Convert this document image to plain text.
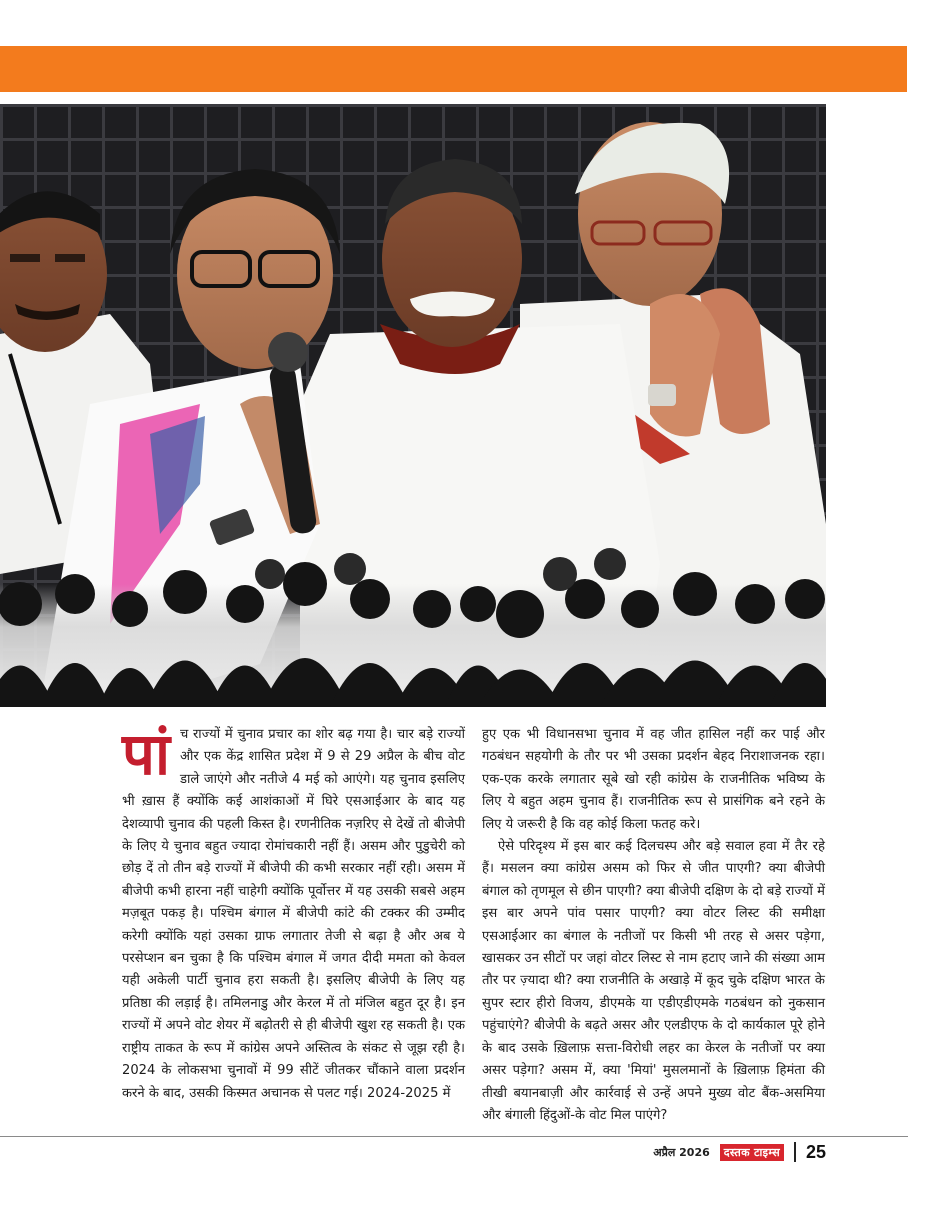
पांच राज्यों में चुनाव प्रचार का शोर बढ़ गया है। चार बड़े राज्यों और एक केंद्र शासित प्रदेश में 9 से 29 अप्रैल के बीच वोट डाले जाएंगे और नतीजे 4 मई को आएंगे। यह चुनाव इसलिए भी ख़ास हैं क्योंकि कई आशंकाओं में घिरे एसआईआर के बाद यह देशव्यापी चुनाव की पहली किस्त है। रणनीतिक नज़रिए से देखें तो बीजेपी के लिए ये चुनाव बहुत ज्यादा रोमांचकारी नहीं हैं। असम और पुडुचेरी को छोड़ दें तो तीन बड़े राज्यों में बीजेपी की कभी सरकार नहीं रही। असम में बीजेपी कभी हारना नहीं चाहेगी क्योंकि पूर्वोत्तर में यह उसकी सबसे अहम मज़बूत पकड़ है। पश्चिम बंगाल में बीजेपी कांटे की टक्कर की उम्मीद करेगी क्योंकि यहां उसका ग्राफ लगातार तेजी से बढ़ा है और अब ये परसेप्शन बन चुका है कि पश्चिम बंगाल में जगत दीदी ममता को केवल यही अकेली पार्टी चुनाव हरा सकती है। इसलिए बीजेपी के लिए यह प्रतिष्ठा की लड़ाई है। तमिलनाडु और केरल में तो मंजिल बहुत दूर है। इन राज्यों में अपने वोट शेयर में बढ़ोतरी से ही बीजेपी खुश रह सकती है। एक राष्ट्रीय ताकत के रूप में कांग्रेस अपने अस्तित्व के संकट से जूझ रही है। 2024 के लोकसभा चुनावों में 99 सीटें जीतकर चौंकाने वाला प्रदर्शन करने के बाद, उसकी किस्मत अचानक से पलट गई। 2024-2025 में

हुए एक भी विधानसभा चुनाव में वह जीत हासिल नहीं कर पाई और गठबंधन सहयोगी के तौर पर भी उसका प्रदर्शन बेहद निराशाजनक रहा। एक-एक करके लगातार सूबे खो रही कांग्रेस के राजनीतिक भविष्य के लिए ये बहुत अहम चुनाव हैं। राजनीतिक रूप से प्रासंगिक बने रहने के लिए ये जरूरी है कि वह कोई किला फतह करे।

ऐसे परिदृश्य में इस बार कई दिलचस्प और बड़े सवाल हवा में तैर रहे हैं। मसलन क्या कांग्रेस असम को फिर से जीत पाएगी? क्या बीजेपी बंगाल को तृणमूल से छीन पाएगी? क्या बीजेपी दक्षिण के दो बड़े राज्यों में इस बार अपने पांव पसार पाएगी? क्या वोटर लिस्ट की समीक्षा एसआईआर का बंगाल के नतीजों पर किसी भी तरह से असर पड़ेगा, खासकर उन सीटों पर जहां वोटर लिस्ट से नाम हटाए जाने की संख्या आम तौर पर ज़्यादा थी? क्या राजनीति के अखाड़े में कूद चुके दक्षिण भारत के सुपर स्टार हीरो विजय, डीएमके या एडीएडीएमके गठबंधन को नुकसान पहुंचाएंगे? बीजेपी के बढ़ते असर और एलडीएफ के दो कार्यकाल पूरे होने के बाद उसके ख़िलाफ़ सत्ता-विरोधी लहर का केरल के नतीजों पर क्या असर पड़ेगा? असम में, क्या 'मियां' मुसलमानों के ख़िलाफ़ हिमंता की तीखी बयानबाज़ी और कार्रवाई से उन्हें अपने मुख्य वोट बैंक-असमिया और बंगाली हिंदुओं-के वोट मिल पाएंगे?

अप्रैल 2026	दस्तक टाइम्स 25
